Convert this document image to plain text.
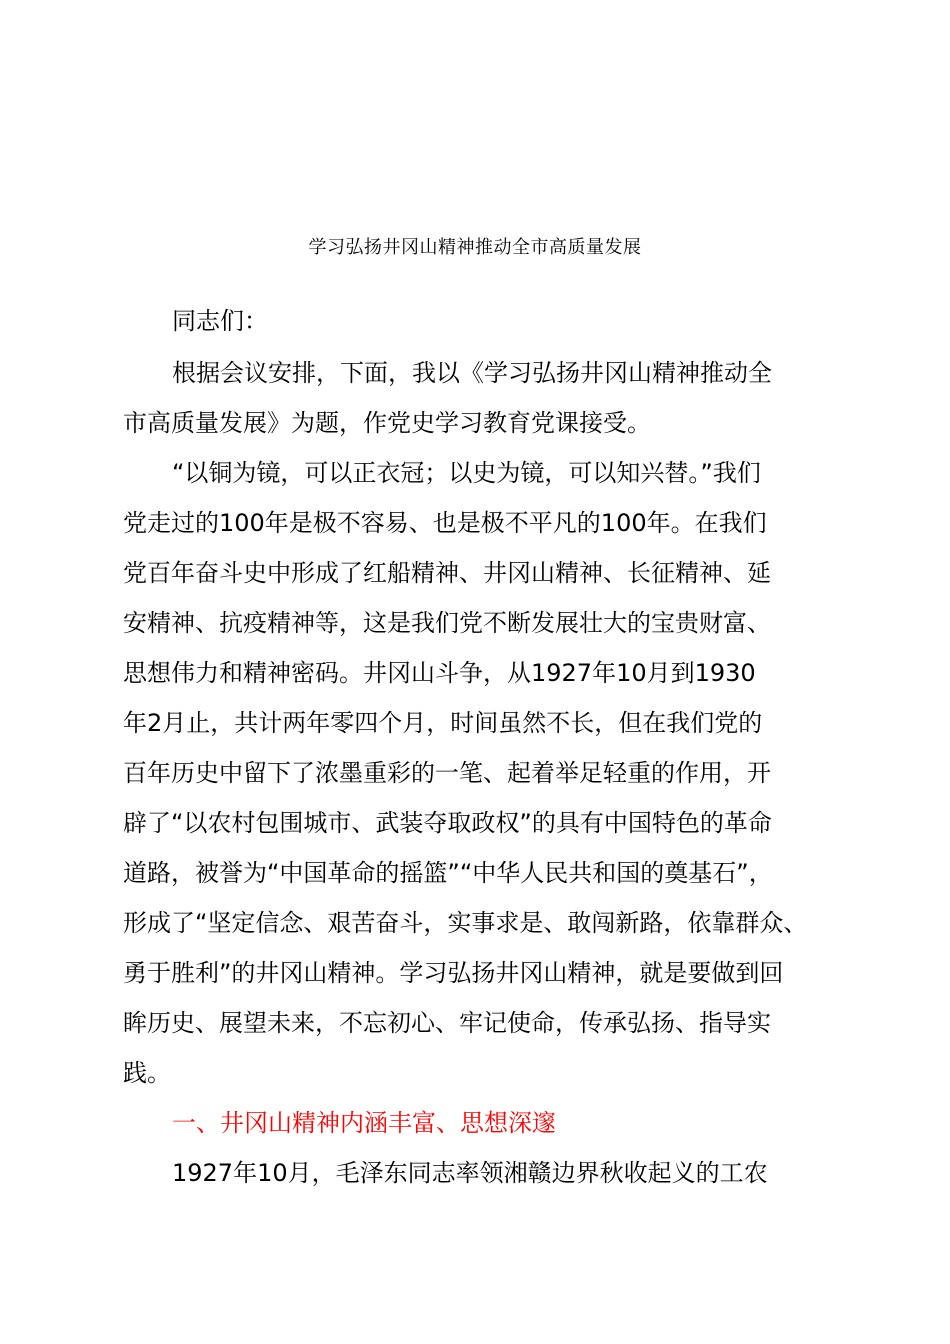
学习弘扬井冈山精神推动全市高质量发展
同志们：
根据会议安排，下面，我以《学习弘扬井冈山精神推动全
市高质量发展》为题，作党史学习教育党课接受。
“以铜为镜，可以正衣冠；以史为镜，可以知兴替。”我们
党走过的100年是极不容易、也是极不平凡的100年。在我们
党百年奋斗史中形成了红船精神、井冈山精神、长征精神、延
安精神、抗疫精神等，这是我们党不断发展壮大的宝贵财富、
思想伟力和精神密码。井冈山斗争，从1927年10月到1930
年2月止，共计两年零四个月，时间虽然不长，但在我们党的
百年历史中留下了浓墨重彩的一笔、起着举足轻重的作用，开
辟了“以农村包围城市、武装夺取政权”的具有中国特色的革命
道路，被誉为“中国革命的摇篮”“中华人民共和国的奠基石”，
形成了“坚定信念、艰苦奋斗，实事求是、敢闯新路，依靠群众、
勇于胜利”的井冈山精神。学习弘扬井冈山精神，就是要做到回
眸历史、展望未来，不忘初心、牢记使命，传承弘扬、指导实
践。
一、井冈山精神内涵丰富、思想深邃
1927年10月，毛泽东同志率领湘赣边界秋收起义的工农
